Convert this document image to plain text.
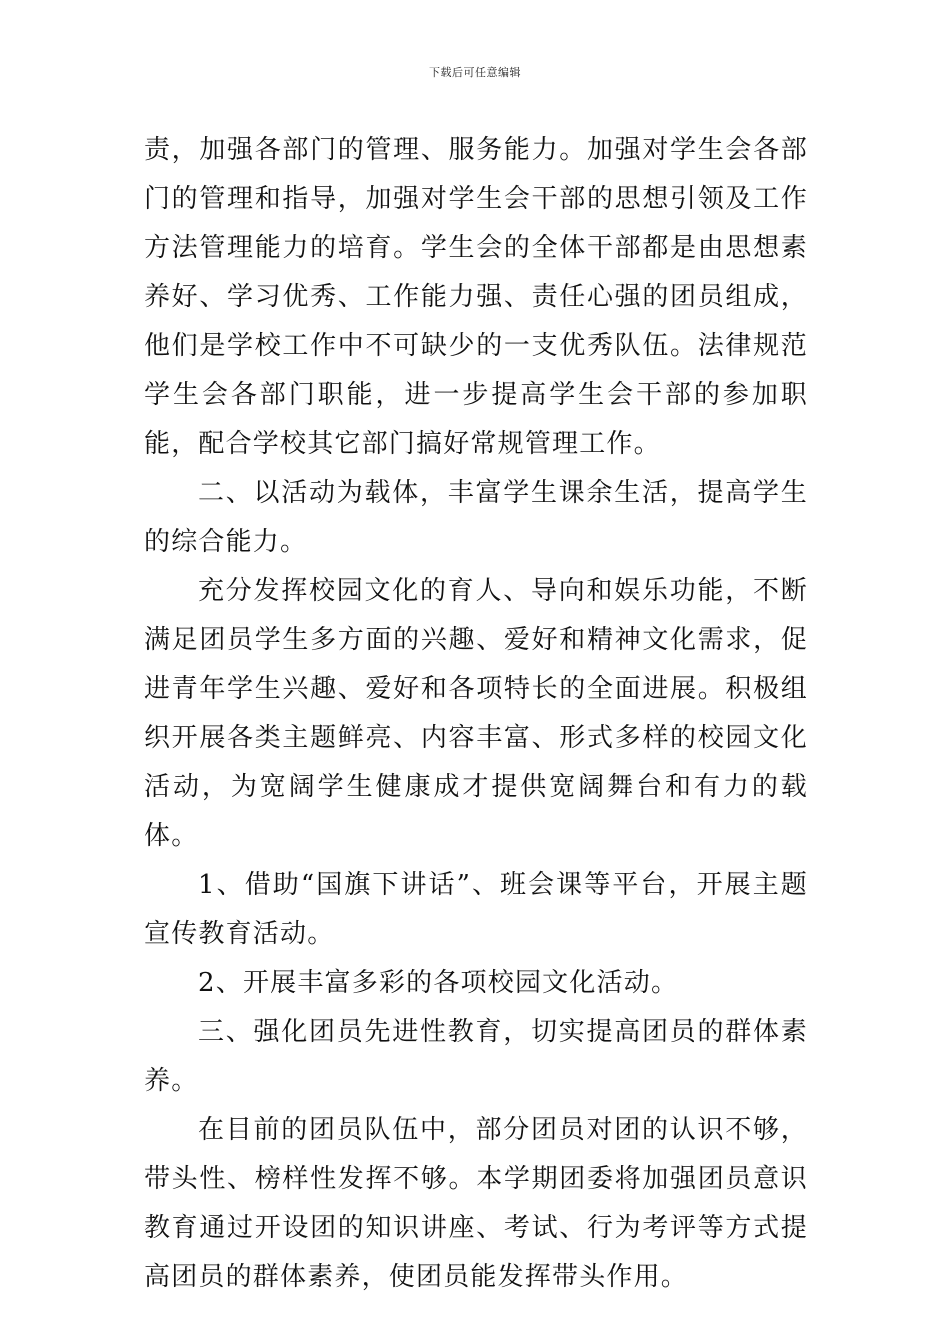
下载后可任意编辑

责，加强各部门的管理、服务能力。加强对学生会各部门的管理和指导，加强对学生会干部的思想引领及工作方法管理能力的培育。学生会的全体干部都是由思想素养好、学习优秀、工作能力强、责任心强的团员组成，他们是学校工作中不可缺少的一支优秀队伍。法律规范学生会各部门职能，进一步提高学生会干部的参加职能，配合学校其它部门搞好常规管理工作。

二、以活动为载体，丰富学生课余生活，提高学生的综合能力。

充分发挥校园文化的育人、导向和娱乐功能，不断满足团员学生多方面的兴趣、爱好和精神文化需求，促进青年学生兴趣、爱好和各项特长的全面进展。积极组织开展各类主题鲜亮、内容丰富、形式多样的校园文化活动，为宽阔学生健康成才提供宽阔舞台和有力的载体。

1、借助“国旗下讲话”、班会课等平台，开展主题宣传教育活动。

2、开展丰富多彩的各项校园文化活动。

三、强化团员先进性教育，切实提高团员的群体素养。

在目前的团员队伍中，部分团员对团的认识不够，带头性、榜样性发挥不够。本学期团委将加强团员意识教育通过开设团的知识讲座、考试、行为考评等方式提高团员的群体素养，使团员能发挥带头作用。
